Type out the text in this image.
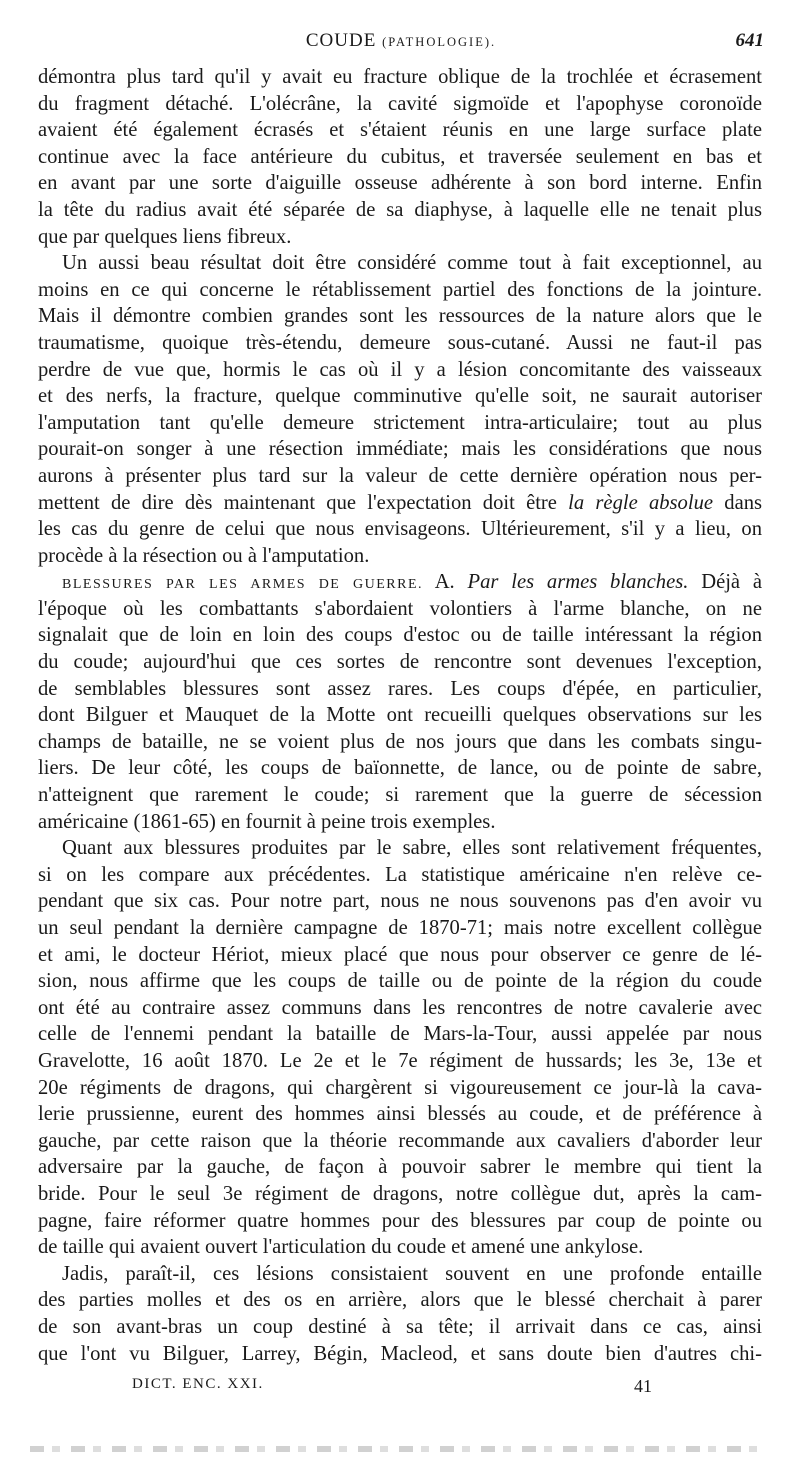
COUDE (PATHOLOGIE).	641
démontra plus tard qu'il y avait eu fracture oblique de la trochlée et écrasement
du fragment détaché. L'olécrâne, la cavité sigmoïde et l'apophyse coronoïde
avaient été également écrasés et s'étaient réunis en une large surface plate
continue avec la face antérieure du cubitus, et traversée seulement en bas et
en avant par une sorte d'aiguille osseuse adhérente à son bord interne. Enfin
la tête du radius avait été séparée de sa diaphyse, à laquelle elle ne tenait plus
que par quelques liens fibreux.
Un aussi beau résultat doit être considéré comme tout à fait exceptionnel, au
moins en ce qui concerne le rétablissement partiel des fonctions de la jointure.
Mais il démontre combien grandes sont les ressources de la nature alors que le
traumatisme, quoique très-étendu, demeure sous-cutané. Aussi ne faut-il pas
perdre de vue que, hormis le cas où il y a lésion concomitante des vaisseaux
et des nerfs, la fracture, quelque comminutive qu'elle soit, ne saurait autoriser
l'amputation tant qu'elle demeure strictement intra-articulaire; tout au plus
pourait-on songer à une résection immédiate; mais les considérations que nous
aurons à présenter plus tard sur la valeur de cette dernière opération nous per-
mettent de dire dès maintenant que l'expectation doit être la règle absolue dans
les cas du genre de celui que nous envisageons. Ultérieurement, s'il y a lieu, on
procède à la résection ou à l'amputation.
BLESSURES PAR LES ARMES DE GUERRE. A. Par les armes blanches. Déjà à
l'époque où les combattants s'abordaient volontiers à l'arme blanche, on ne
signalait que de loin en loin des coups d'estoc ou de taille intéressant la région
du coude; aujourd'hui que ces sortes de rencontre sont devenues l'exception,
de semblables blessures sont assez rares. Les coups d'épée, en particulier,
dont Bilguer et Mauquet de la Motte ont recueilli quelques observations sur les
champs de bataille, ne se voient plus de nos jours que dans les combats singu-
liers. De leur côté, les coups de baïonnette, de lance, ou de pointe de sabre,
n'atteignent que rarement le coude; si rarement que la guerre de sécession
américaine (1861-65) en fournit à peine trois exemples.
Quant aux blessures produites par le sabre, elles sont relativement fréquentes,
si on les compare aux précédentes. La statistique américaine n'en relève ce-
pendant que six cas. Pour notre part, nous ne nous souvenons pas d'en avoir vu
un seul pendant la dernière campagne de 1870-71; mais notre excellent collègue
et ami, le docteur Hériot, mieux placé que nous pour observer ce genre de lé-
sion, nous affirme que les coups de taille ou de pointe de la région du coude
ont été au contraire assez communs dans les rencontres de notre cavalerie avec
celle de l'ennemi pendant la bataille de Mars-la-Tour, aussi appelée par nous
Gravelotte, 16 août 1870. Le 2e et le 7e régiment de hussards; les 3e, 13e et
20e régiments de dragons, qui chargèrent si vigoureusement ce jour-là la cava-
lerie prussienne, eurent des hommes ainsi blessés au coude, et de préférence à
gauche, par cette raison que la théorie recommande aux cavaliers d'aborder leur
adversaire par la gauche, de façon à pouvoir sabrer le membre qui tient la
bride. Pour le seul 3e régiment de dragons, notre collègue dut, après la cam-
pagne, faire réformer quatre hommes pour des blessures par coup de pointe ou
de taille qui avaient ouvert l'articulation du coude et amené une ankylose.
Jadis, paraît-il, ces lésions consistaient souvent en une profonde entaille
des parties molles et des os en arrière, alors que le blessé cherchait à parer
de son avant-bras un coup destiné à sa tête; il arrivait dans ce cas, ainsi
que l'ont vu Bilguer, Larrey, Bégin, Macleod, et sans doute bien d'autres chi-
DICT. ENC. XXI.	41
